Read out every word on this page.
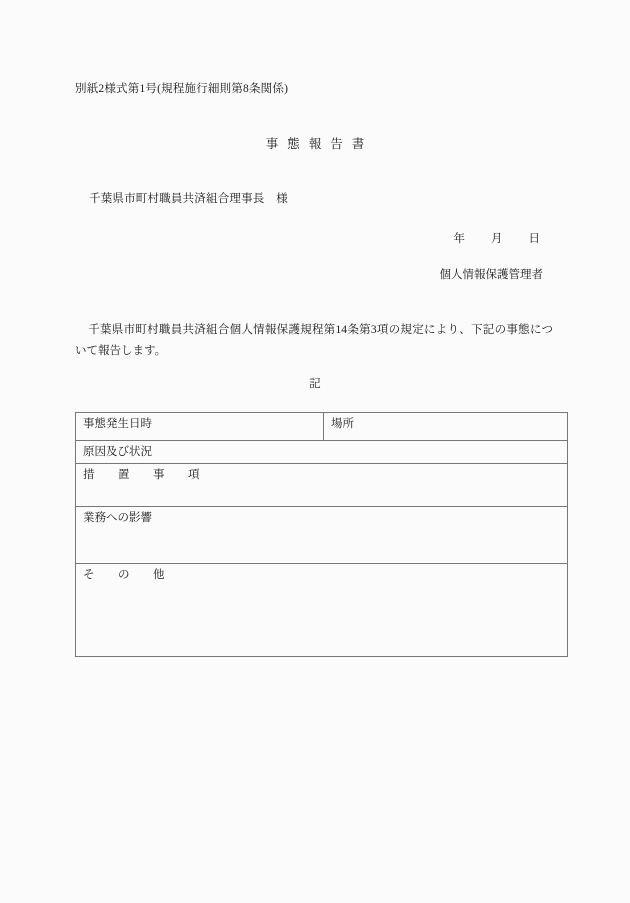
別紙2様式第1号(規程施行細則第8条関係)
事態報告書
千葉県市町村職員共済組合理事長　様
年 月 日
個人情報保護管理者
千葉県市町村職員共済組合個人情報保護規程第14条第3項の規定により、下記の事態について報告します。
記
事態発生日時	場所
原因及び状況
措　置　事　項
業務への影響
そ　の　他
